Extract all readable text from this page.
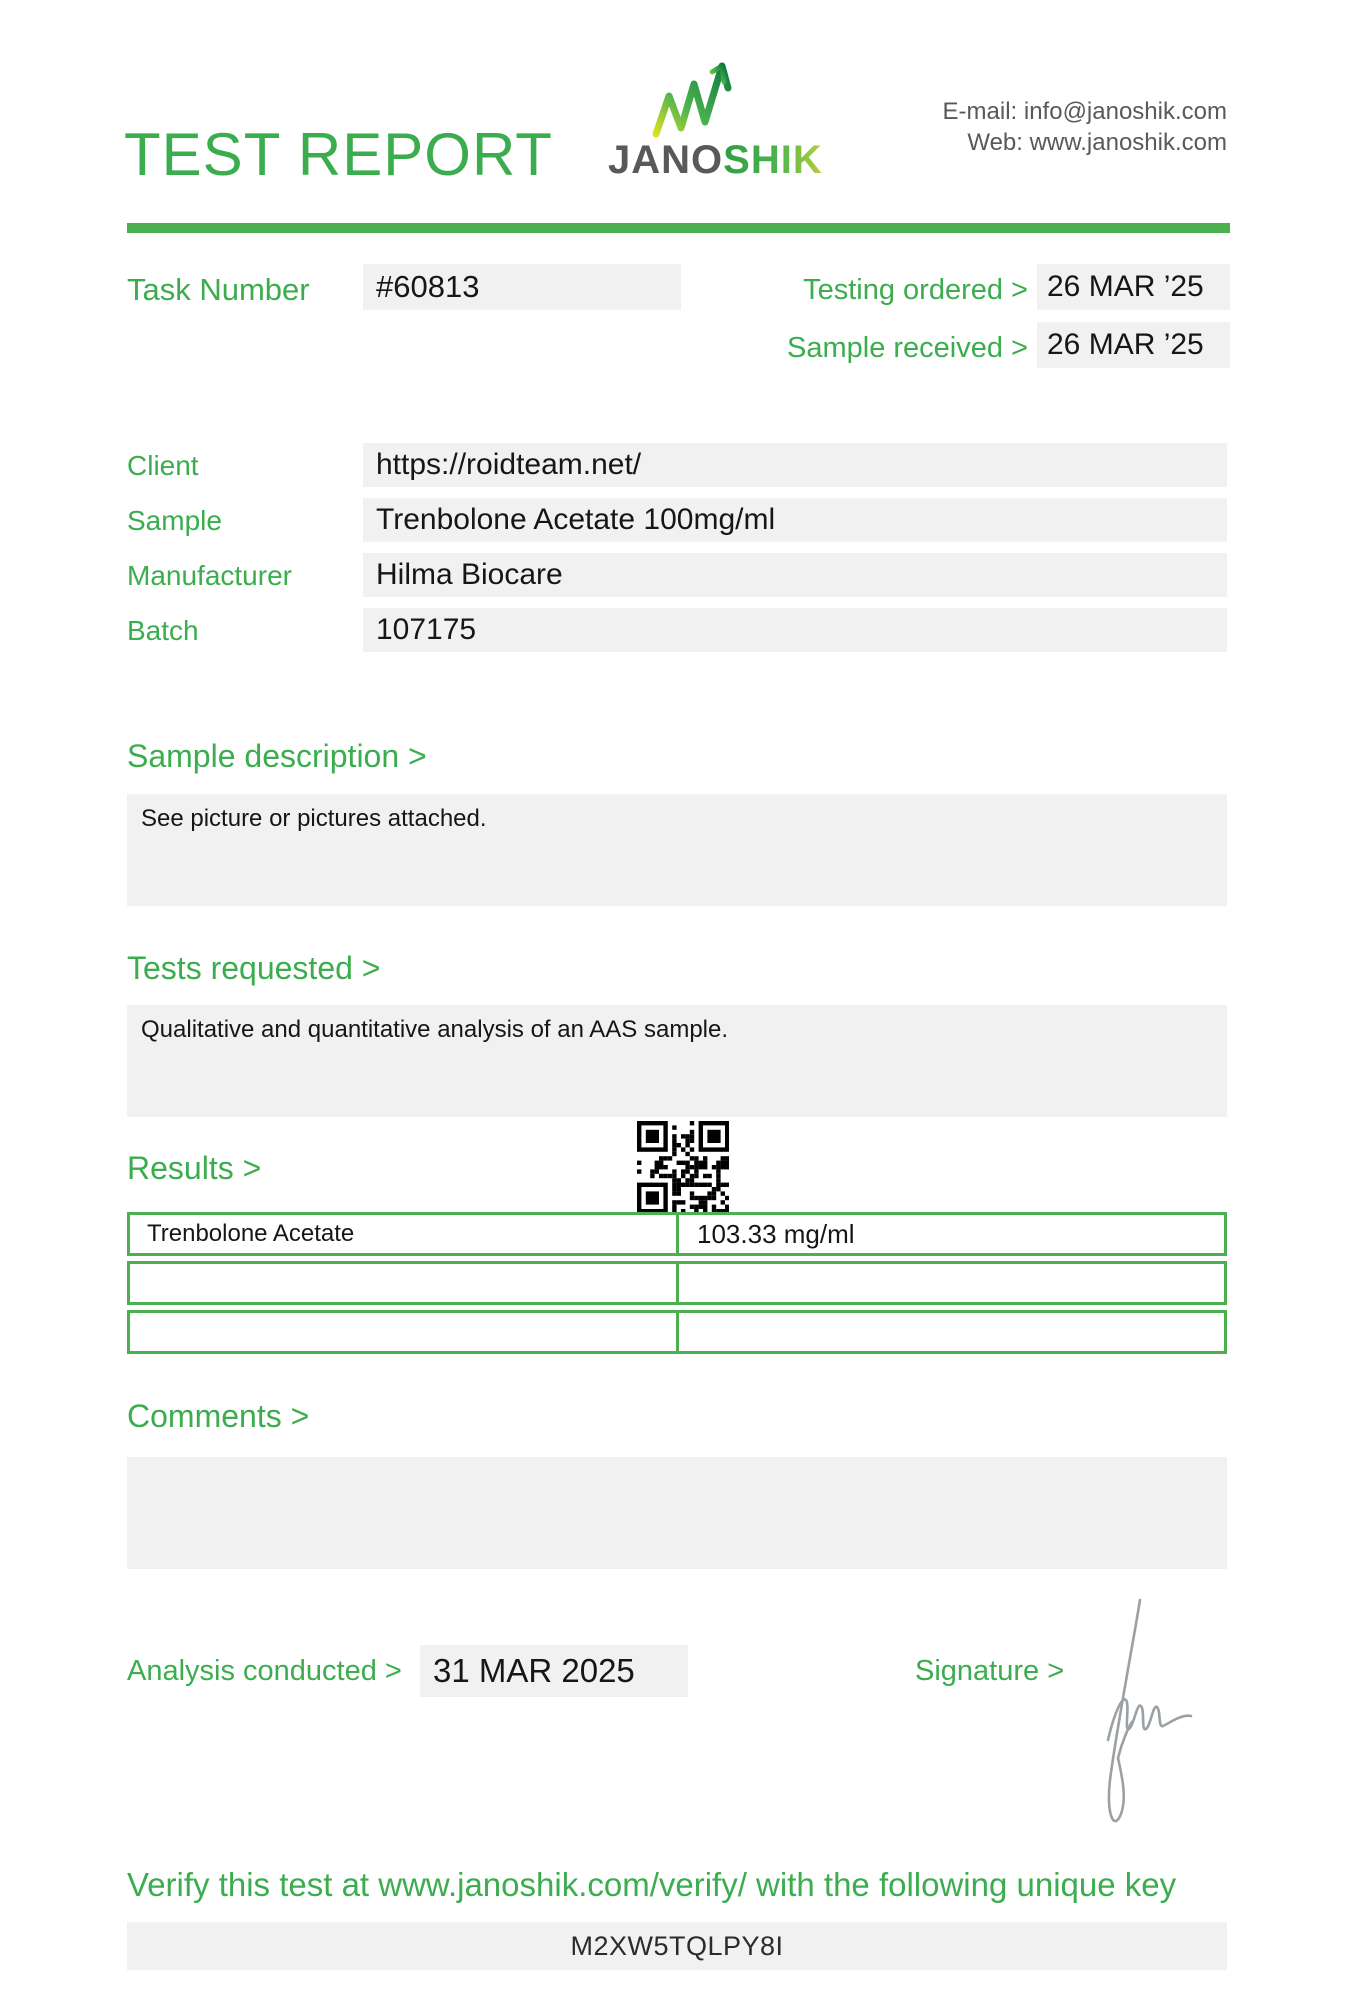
TEST REPORT JANOSHIK
E-mail: info@janoshik.com
Web: www.janoshik.com
Task Number	#60813	Testing ordered > 26 MAR ’25
Sample received > 26 MAR ’25
Client	https://roidteam.net/
Sample	Trenbolone Acetate 100mg/ml
Manufacturer	Hilma Biocare
Batch	107175
Sample description >
See picture or pictures attached.
Tests requested >
Qualitative and quantitative analysis of an AAS sample.
Results >
Trenbolone Acetate	103.33 mg/ml
Comments >
Analysis conducted > 31 MAR 2025	Signature >
Verify this test at www.janoshik.com/verify/ with the following unique key
M2XW5TQLPY8I
